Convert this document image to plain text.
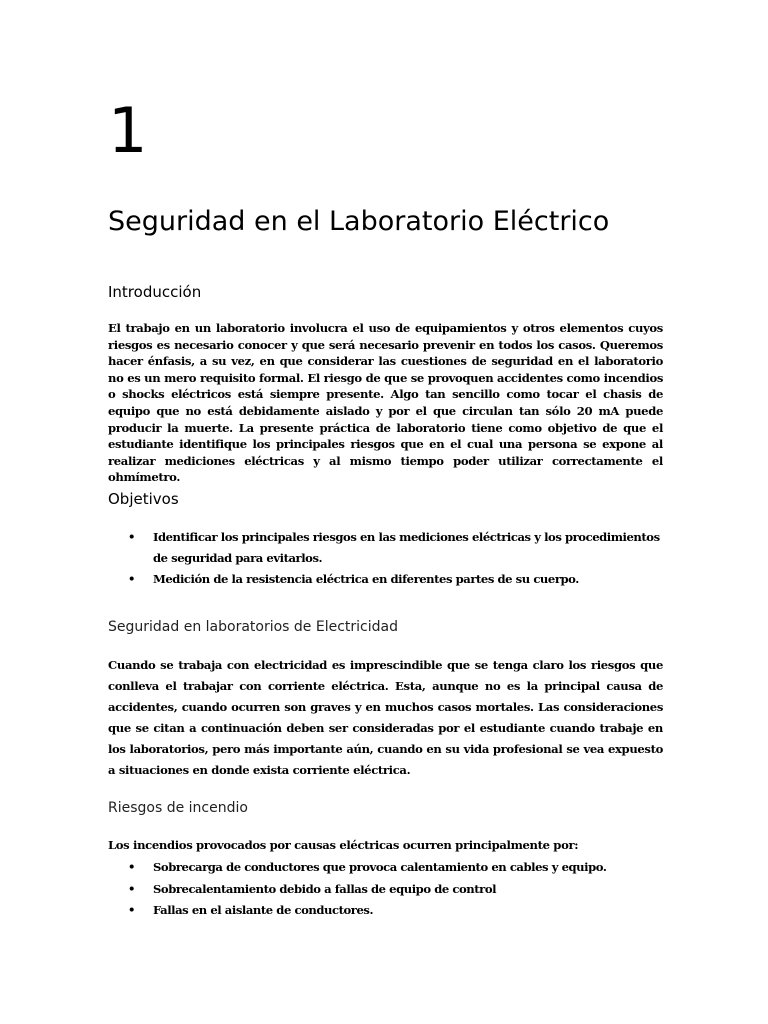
1
Seguridad en el Laboratorio Eléctrico
Introducción

El trabajo en un laboratorio involucra el uso de equipamientos y otros elementos cuyos riesgos es necesario conocer y que será necesario prevenir en todos los casos. Queremos hacer énfasis, a su vez, en que considerar las cuestiones de seguridad en el laboratorio no es un mero requisito formal. El riesgo de que se provoquen accidentes como incendios o shocks eléctricos está siempre presente. Algo tan sencillo como tocar el chasis de equipo que no está debidamente aislado y por el que circulan tan sólo 20 mA puede producir la muerte. La presente práctica de laboratorio tiene como objetivo de que el estudiante identifique los principales riesgos que en el cual una persona se expone al realizar mediciones eléctricas y al mismo tiempo poder utilizar correctamente el ohmímetro.

Objetivos
• Identificar los principales riesgos en las mediciones eléctricas y los procedimientos de seguridad para evitarlos.
• Medición de la resistencia eléctrica en diferentes partes de su cuerpo.
Seguridad en laboratorios de Electricidad

Cuando se trabaja con electricidad es imprescindible que se tenga claro los riesgos que conlleva el trabajar con corriente eléctrica. Esta, aunque no es la principal causa de accidentes, cuando ocurren son graves y en muchos casos mortales. Las consideraciones que se citan a continuación deben ser consideradas por el estudiante cuando trabaje en los laboratorios, pero más importante aún, cuando en su vida profesional se vea expuesto a situaciones en donde exista corriente eléctrica.

Riesgos de incendio

Los incendios provocados por causas eléctricas ocurren principalmente por:

• Sobrecarga de conductores que provoca calentamiento en cables y equipo.
• Sobrecalentamiento debido a fallas de equipo de control
• Fallas en el aislante de conductores.
